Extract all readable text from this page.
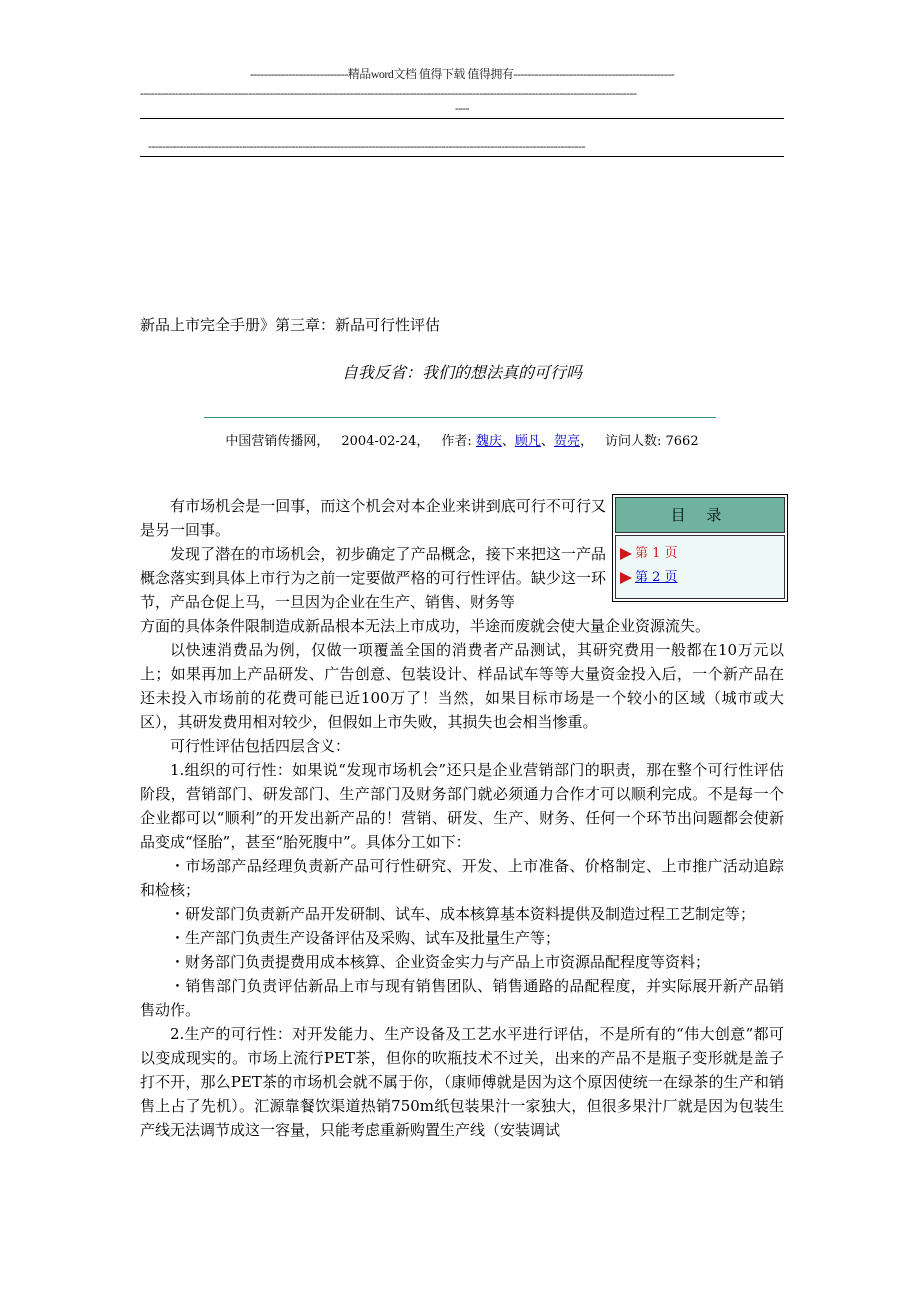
----------------------------精品word文档 值得下载 值得拥有----------------------------------------------
----------------------------------------------------------------------------------------------------------------------------------------------
----
-----------------------------------------------------------------------------------------------------------------------------
新品上市完全手册》第三章：新品可行性评估
自我反省：我们的想法真的可行吗
中国营销传播网， 2004-02-24， 作者: 魏庆、顾凡、贺亮， 访问人数: 7662

有市场机会是一回事，而这个机会对本企业来讲到底可行不可行又是另一回事。

发现了潜在的市场机会，初步确定了产品概念，接下来把这一产品概念落实到具体上市行为之前一定要做严格的可行性评估。缺少这一环节，产品仓促上马，一旦因为企业在生产、销售、财务等

方面的具体条件限制造成新品根本无法上市成功，半途而废就会使大量企业资源流失。

以快速消费品为例，仅做一项覆盖全国的消费者产品测试，其研究费用一般都在10万元以上；如果再加上产品研发、广告创意、包装设计、样品试车等等大量资金投入后，一个新产品在还未投入市场前的花费可能已近100万了！当然，如果目标市场是一个较小的区域（城市或大区），其研发费用相对较少，但假如上市失败，其损失也会相当惨重。

可行性评估包括四层含义：

1.组织的可行性：如果说“发现市场机会”还只是企业营销部门的职责，那在整个可行性评估阶段，营销部门、研发部门、生产部门及财务部门就必须通力合作才可以顺利完成。不是每一个企业都可以“顺利”的开发出新产品的！营销、研发、生产、财务、任何一个环节出问题都会使新品变成“怪胎”，甚至“胎死腹中”。具体分工如下：

・市场部产品经理负责新产品可行性研究、开发、上市准备、价格制定、上市推广活动追踪和检核；

・研发部门负责新产品开发研制、试车、成本核算基本资料提供及制造过程工艺制定等；

・生产部门负责生产设备评估及采购、试车及批量生产等；

・财务部门负责提费用成本核算、企业资金实力与产品上市资源品配程度等资料；

・销售部门负责评估新品上市与现有销售团队、销售通路的品配程度，并实际展开新产品销售动作。

2.生产的可行性：对开发能力、生产设备及工艺水平进行评估，不是所有的“伟大创意”都可以变成现实的。市场上流行PET茶，但你的吹瓶技术不过关，出来的产品不是瓶子变形就是盖子打不开，那么PET茶的市场机会就不属于你，（康师傅就是因为这个原因使统一在绿茶的生产和销售上占了先机）。汇源靠餐饮渠道热销750m纸包装果汁一家独大，但很多果汁厂就是因为包装生产线无法调节成这一容量，只能考虑重新购置生产线（安装调试

目 录
第 1 页
第 2 页
